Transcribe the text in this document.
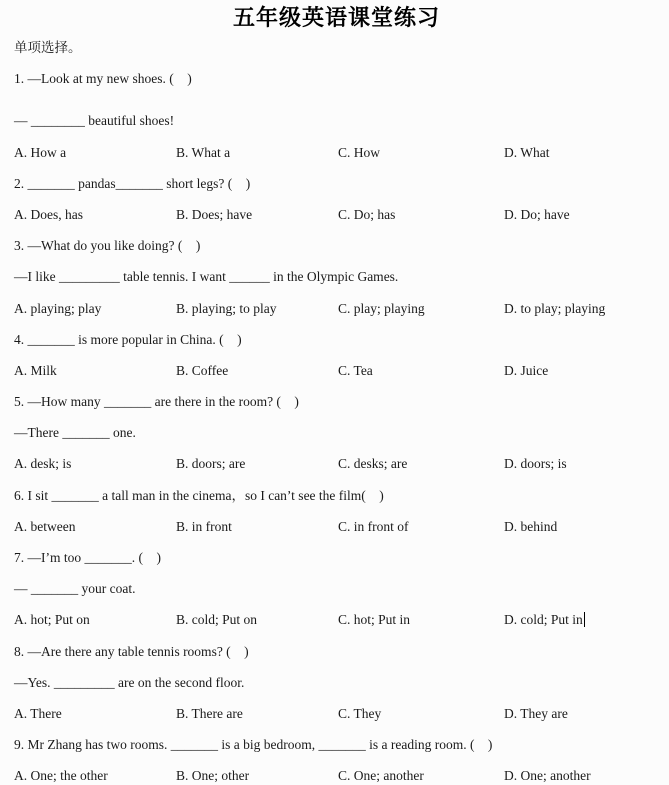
五年级英语课堂练习
单项选择。
1. —Look at my new shoes. (    )
— ________ beautiful shoes!
A. How a	B. What a	C. How	D. What
2. _______ pandas_______ short legs? (    )
A. Does, has	B. Does; have	C. Do; has	D. Do; have
3. —What do you like doing? (    )
—I like _________ table tennis. I want ______ in the Olympic Games.
A. playing; play	B. playing; to play	C. play; playing	D. to play; playing
4. _______ is more popular in China. (    )
A. Milk	B. Coffee	C. Tea	D. Juice
5. —How many _______ are there in the room? (    )
—There _______ one.
A. desk; is	B. doors; are	C. desks; are	D. doors; is
6. I sit _______ a tall man in the cinema，so I can’t see the film(    )
A. between	B. in front	C. in front of	D. behind
7. —I’m too _______. (    )
— _______ your coat.
A. hot; Put on	B. cold; Put on	C. hot; Put in	D. cold; Put in
8. —Are there any table tennis rooms? (    )
—Yes. _________ are on the second floor.
A. There	B. There are	C. They	D. They are
9. Mr Zhang has two rooms. _______ is a big bedroom, _______ is a reading room. (    )
A. One; the other	B. One; other	C. One; another	D. One; another
